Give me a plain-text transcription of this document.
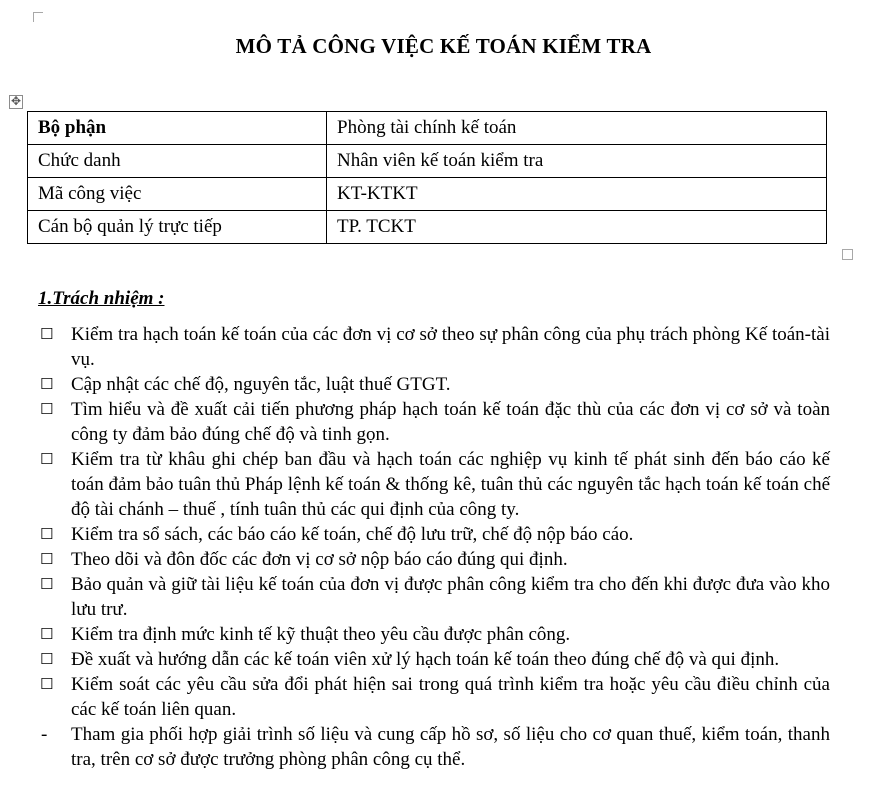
MÔ TẢ CÔNG VIỆC KẾ TOÁN KIỂM TRA
✥
Bộ phận	Phòng tài chính kế toán
Chức danh	Nhân viên kế toán kiểm tra
Mã công việc	KT-KTKT
Cán bộ quản lý trực tiếp	TP. TCKT
1.Trách nhiệm :
☐ Kiểm tra hạch toán kế toán của các đơn vị cơ sở theo sự phân công của phụ trách phòng Kế toán-tài vụ.
☐ Cập nhật các chế độ, nguyên tắc, luật thuế GTGT.
☐ Tìm hiểu và đề xuất cải tiến phương pháp hạch toán kế toán đặc thù của các đơn vị cơ sở và toàn công ty đảm bảo đúng chế độ và tinh gọn.
☐ Kiểm tra từ khâu ghi chép ban đầu và hạch toán các nghiệp vụ kinh tế phát sinh đến báo cáo kế toán đảm bảo tuân thủ Pháp lệnh kế toán & thống kê, tuân thủ các nguyên tắc hạch toán kế toán chế độ tài chánh – thuế , tính tuân thủ các qui định của công ty.
☐ Kiểm tra sổ sách, các báo cáo kế toán, chế độ lưu trữ, chế độ nộp báo cáo.
☐ Theo dõi và đôn đốc các đơn vị cơ sở nộp báo cáo đúng qui định.
☐ Bảo quản và giữ tài liệu kế toán của đơn vị được phân công kiểm tra cho đến khi được đưa vào kho lưu trư.
☐ Kiểm tra định mức kinh tế kỹ thuật theo yêu cầu được phân công.
☐ Đề xuất và hướng dẫn các kế toán viên xử lý hạch toán kế toán theo đúng chế độ và qui định.
☐ Kiểm soát các yêu cầu sửa đổi phát hiện sai trong quá trình kiểm tra hoặc yêu cầu điều chỉnh của các kế toán liên quan.
- Tham gia phối hợp giải trình số liệu và cung cấp hồ sơ, số liệu cho cơ quan thuế, kiểm toán, thanh tra, trên cơ sở được trưởng phòng phân công cụ thể.
